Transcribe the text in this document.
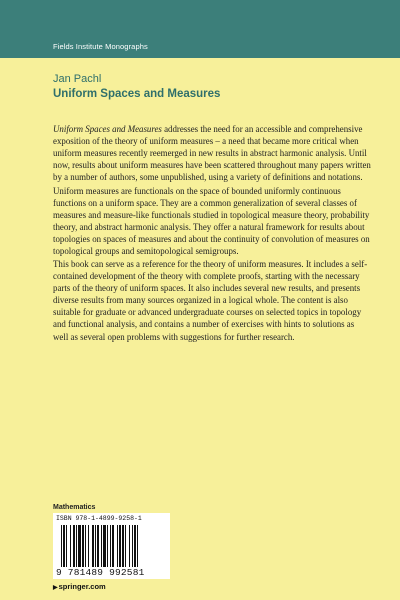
Fields Institute Monographs
Jan Pachl
Uniform Spaces and Measures
Uniform Spaces and Measures addresses the need for an accessible and comprehensive exposition of the theory of uniform measures – a need that became more critical when uniform measures recently reemerged in new results in abstract harmonic analysis. Until now, results about uniform measures have been scattered throughout many papers written by a number of authors, some unpublished, using a variety of definitions and notations.
Uniform measures are functionals on the space of bounded uniformly continuous functions on a uniform space. They are a common generalization of several classes of measures and measure-like functionals studied in topological measure theory, probability theory, and abstract harmonic analysis. They offer a natural framework for results about topologies on spaces of measures and about the continuity of convolution of measures on topological groups and semitopological semigroups.
This book can serve as a reference for the theory of uniform measures. It includes a self-contained development of the theory with complete proofs, starting with the necessary parts of the theory of uniform spaces. It also includes several new results, and presents diverse results from many sources organized in a logical whole. The content is also suitable for graduate or advanced undergraduate courses on selected topics in topology and functional analysis, and contains a number of exercises with hints to solutions as well as several open problems with suggestions for further research.
Mathematics
ISBN 978-1-4899-9258-1
9 781489 992581
▶springer.com
